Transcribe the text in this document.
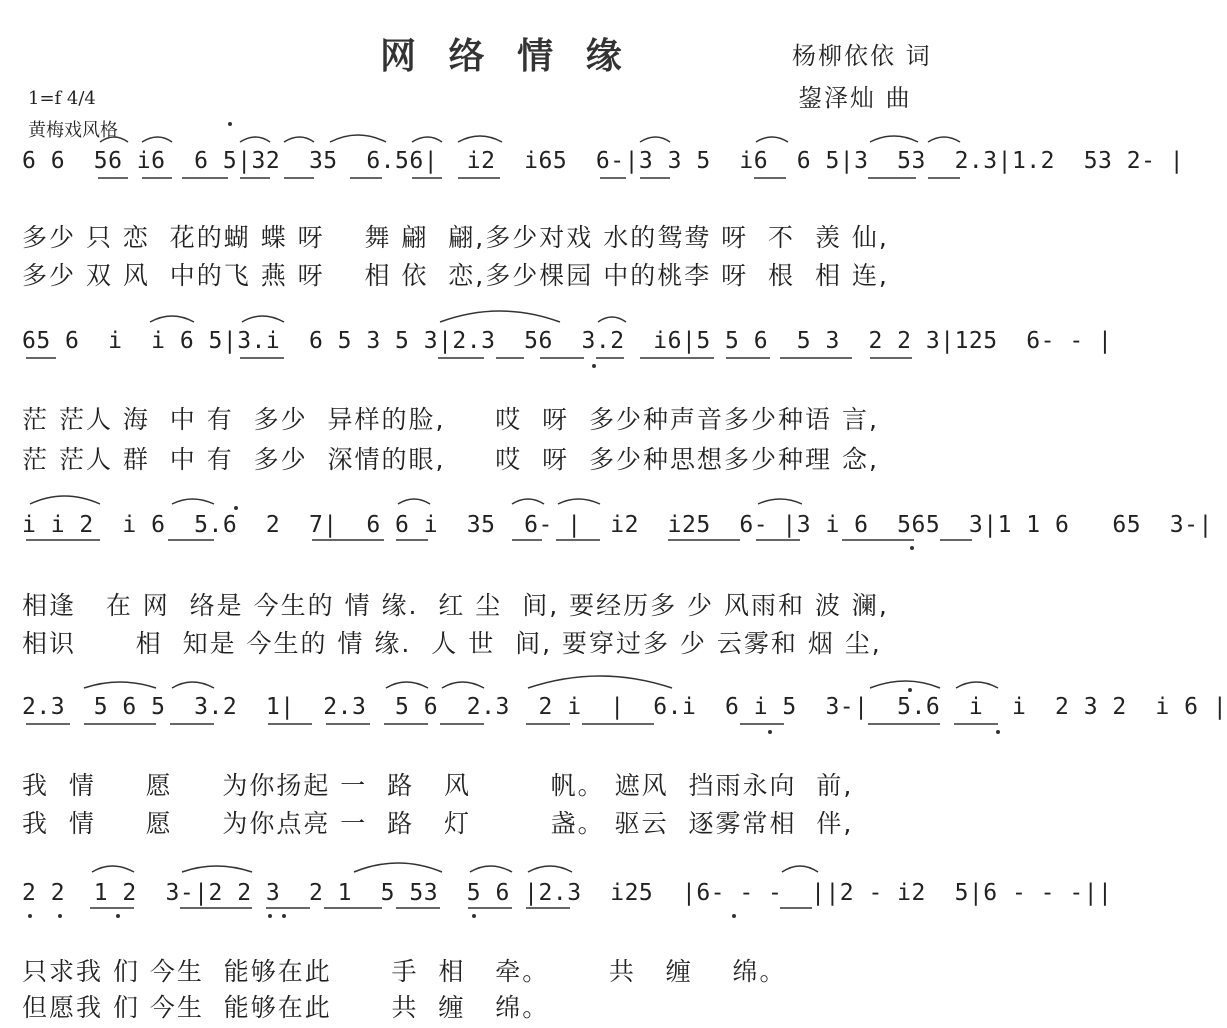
网 络 情 缘	杨柳依依 词
鋆泽灿 曲
1=f 4/4
黄梅戏风格
6 6  56 i6  6 5|32  35  6.56|  i2  i65  6-|3 3 5  i6  6 5|3  53  2.3|1.2  53 2- |
多少 只 恋  花的蝴 蝶 呀    舞 翩  翩,多少对戏 水的鸳鸯 呀  不  羡 仙,
多少 双 风  中的飞 燕 呀    相 依  恋,多少棵园 中的桃李 呀  根  相 连,
65 6  i  i 6 5|3.i  6 5 3 5 3|2.3  56  3.2  i6|5 5 6  5 3  2 2 3|125  6- - |
茫 茫人 海  中 有  多少  异样的脸,     哎  呀  多少种声音多少种语 言,
茫 茫人 群  中 有  多少  深情的眼,     哎  呀  多少种思想多少种理 念,
i i 2  i 6  5.6  2  7|  6 6 i  35  6- |  i2  i25  6- |3 i 6  565  3|1 1 6   65  3-|
相逢   在 网  络是 今生的 情 缘.  红 尘  间, 要经历多 少 风雨和 波 澜,
相识      相  知是 今生的 情 缘.  人 世  间, 要穿过多 少 云雾和 烟 尘,
2.3  5 6 5  3.2  1|  2.3  5 6  2.3  2 i  |  6.i  6 i 5  3-|  5.6  i  i  2 3 2  i 6 |
我  情     愿     为你扬起 一  路   风        帆。 遮风  挡雨永向  前,
我  情     愿     为你点亮 一  路   灯        盏。 驱云  逐雾常相  伴,
2 2  1 2  3-|2 2 3  2 1  5 53  5 6 |2.3  i25  |6- - -  ||2 - i2  5|6 - - -||
只求我 们 今生  能够在此      手  相   牵。      共   缠    绵。
但愿我 们 今生  能够在此      共  缠   绵。
